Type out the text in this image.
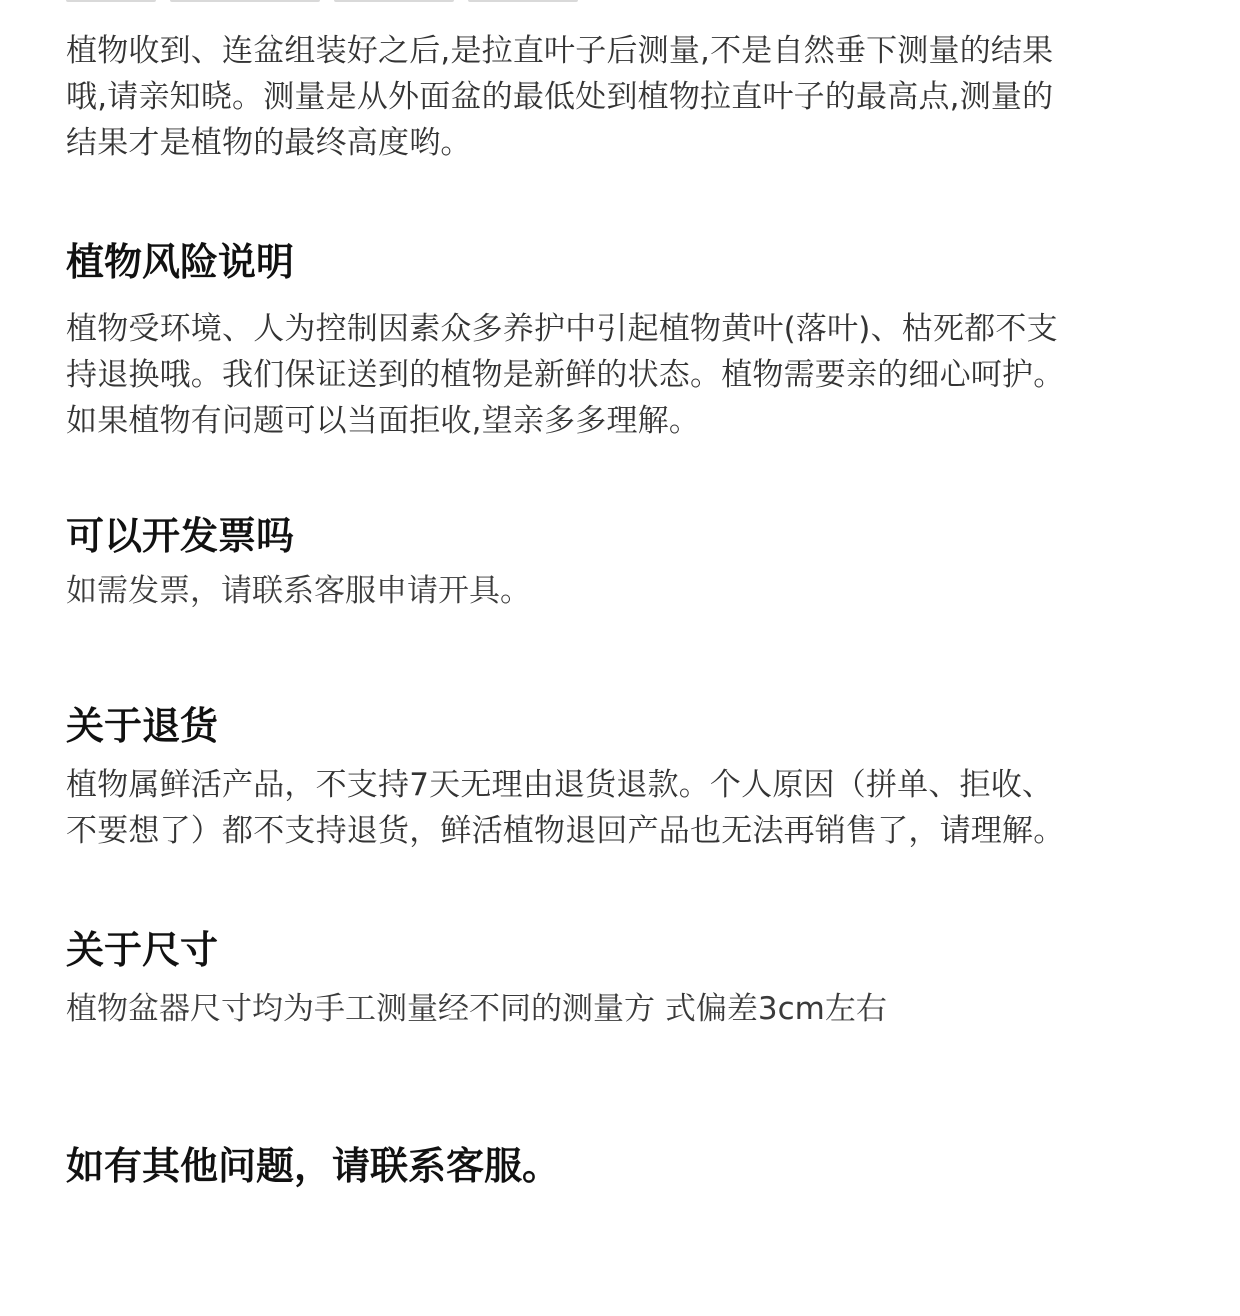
植物收到、连盆组装好之后,是拉直叶子后测量,不是自然垂下测量的结果
哦,请亲知晓。测量是从外面盆的最低处到植物拉直叶子的最高点,测量的
结果才是植物的最终高度哟。

植物风险说明

植物受环境、人为控制因素众多养护中引起植物黄叶(落叶)、枯死都不支
持退换哦。我们保证送到的植物是新鲜的状态。植物需要亲的细心呵护。
如果植物有问题可以当面拒收,望亲多多理解。

可以开发票吗

如需发票，请联系客服申请开具。

关于退货

植物属鲜活产品，不支持7天无理由退货退款。个人原因（拼单、拒收、
不要想了）都不支持退货，鲜活植物退回产品也无法再销售了，请理解。

关于尺寸

植物盆器尺寸均为手工测量经不同的测量方 式偏差3cm左右

如有其他问题，请联系客服。
